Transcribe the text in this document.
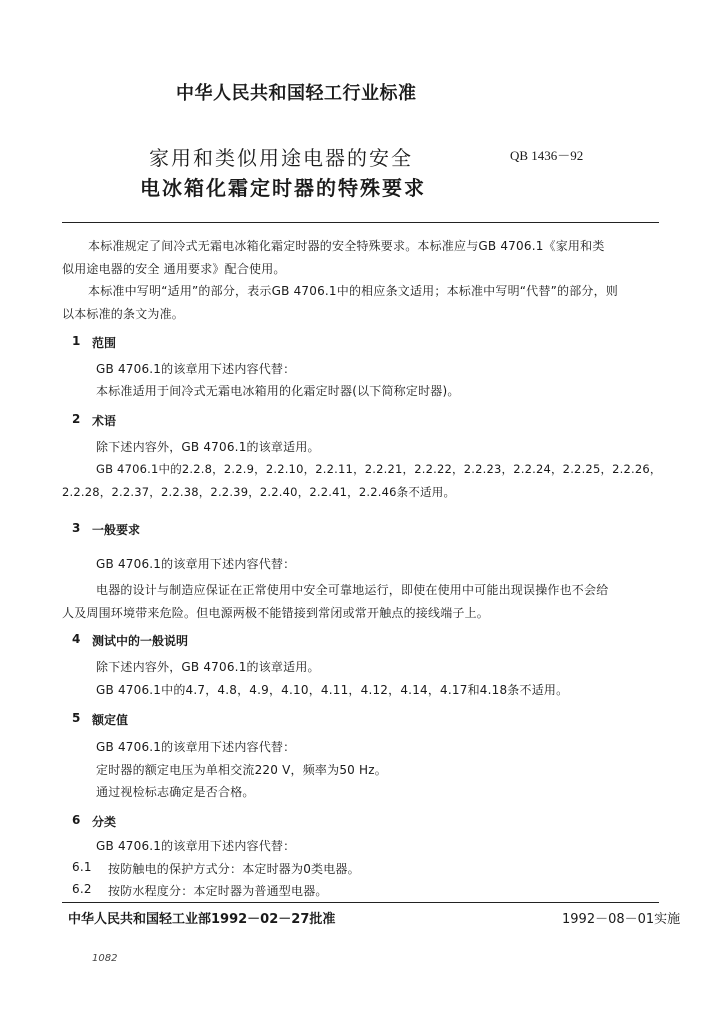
中华人民共和国轻工行业标准
家用和类似用途电器的安全
电冰箱化霜定时器的特殊要求
QB 1436－92
本标准规定了间冷式无霜电冰箱化霜定时器的安全特殊要求。本标准应与GB 4706.1《家用和类
似用途电器的安全 通用要求》配合使用。
本标准中写明“适用”的部分，表示GB 4706.1中的相应条文适用；本标准中写明“代替”的部分，则
以本标准的条文为准。
1 范围
GB 4706.1的该章用下述内容代替：
本标准适用于间冷式无霜电冰箱用的化霜定时器(以下简称定时器)。
2 术语
除下述内容外，GB 4706.1的该章适用。
GB 4706.1中的2.2.8，2.2.9，2.2.10，2.2.11，2.2.21，2.2.22，2.2.23，2.2.24，2.2.25，2.2.26，
2.2.28，2.2.37，2.2.38，2.2.39，2.2.40，2.2.41，2.2.46条不适用。
3 一般要求
GB 4706.1的该章用下述内容代替：
电器的设计与制造应保证在正常使用中安全可靠地运行，即使在使用中可能出现误操作也不会给
人及周围环境带来危险。但电源两极不能错接到常闭或常开触点的接线端子上。
4 测试中的一般说明
除下述内容外，GB 4706.1的该章适用。
GB 4706.1中的4.7，4.8，4.9，4.10，4.11，4.12，4.14，4.17和4.18条不适用。
5 额定值
GB 4706.1的该章用下述内容代替：
定时器的额定电压为单相交流220 V，频率为50 Hz。
通过视检标志确定是否合格。
6 分类
GB 4706.1的该章用下述内容代替：
6.1 按防触电的保护方式分：本定时器为0类电器。
6.2 按防水程度分：本定时器为普通型电器。
中华人民共和国轻工业部1992－02－27批准	1992－08－01实施
1082
